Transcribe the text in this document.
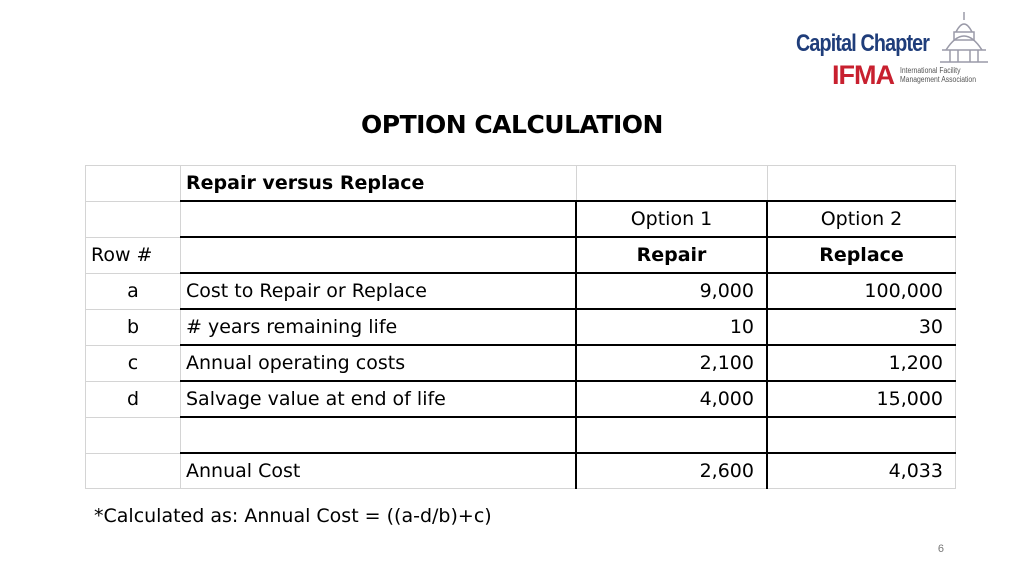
Capital Chapter
IFMA International Facility Management Association
OPTION CALCULATION
	Repair versus Replace		
		Option 1	Option 2
Row #		Repair	Replace
a	Cost to Repair or Replace	9,000	100,000
b	# years remaining life	10	30
c	Annual operating costs	2,100	1,200
d	Salvage value at end of life	4,000	15,000

	Annual Cost	2,600	4,033
*Calculated as: Annual Cost = ((a-d/b)+c)
6
